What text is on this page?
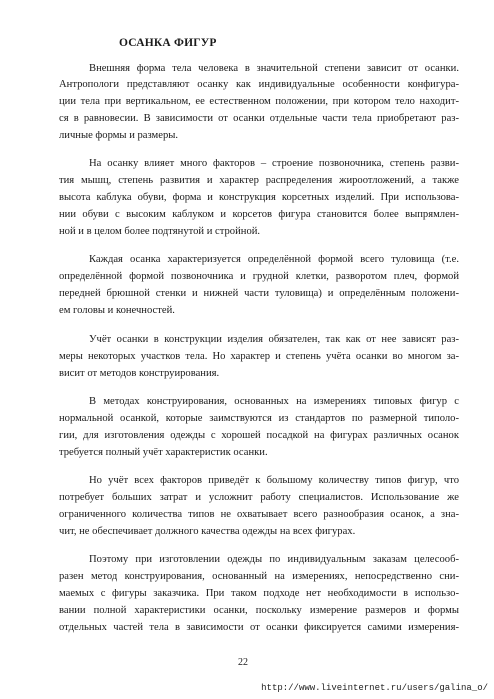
ОСАНКА ФИГУР
Внешняя форма тела человека в значительной степени зависит от осанки.
Антропологи представляют осанку как индивидуальные особенности конфигура-
ции тела при вертикальном, ее естественном положении, при котором тело находит-
ся в равновесии. В зависимости от осанки отдельные части тела приобретают раз-
личные формы и размеры.
На осанку влияет много факторов – строение позвоночника, степень разви-
тия мышц, степень развития и характер распределения жироотложений, а также
высота каблука обуви, форма и конструкция корсетных изделий. При использова-
нии обуви с высоким каблуком и корсетов фигура становится более выпрямлен-
ной и в целом более подтянутой и стройной.
Каждая осанка характеризуется определённой формой всего туловища (т.е.
определённой формой позвоночника и грудной клетки, разворотом плеч, формой
передней брюшной стенки и нижней части туловища) и определённым положени-
ем головы и конечностей.
Учёт осанки в конструкции изделия обязателен, так как от нее зависят раз-
меры некоторых участков тела. Но характер и степень учёта осанки во многом за-
висит от методов конструирования.
В методах конструирования, основанных на измерениях типовых фигур с
нормальной осанкой, которые заимствуются из стандартов по размерной типоло-
гии, для изготовления одежды с хорошей посадкой на фигурах различных осанок
требуется полный учёт характеристик осанки.
Но учёт всех факторов приведёт к большому количеству типов фигур, что
потребует больших затрат и усложнит работу специалистов. Использование же
ограниченного количества типов не охватывает всего разнообразия осанок, а зна-
чит, не обеспечивает должного качества одежды на всех фигурах.
Поэтому при изготовлении одежды по индивидуальным заказам целесооб-
разен метод конструирования, основанный на измерениях, непосредственно сни-
маемых с фигуры заказчика. При таком подходе нет необходимости в использо-
вании полной характеристики осанки, поскольку измерение размеров и формы
отдельных частей тела в зависимости от осанки фиксируется самими измерения-
22
http://www.liveinternet.ru/users/galina_o/
